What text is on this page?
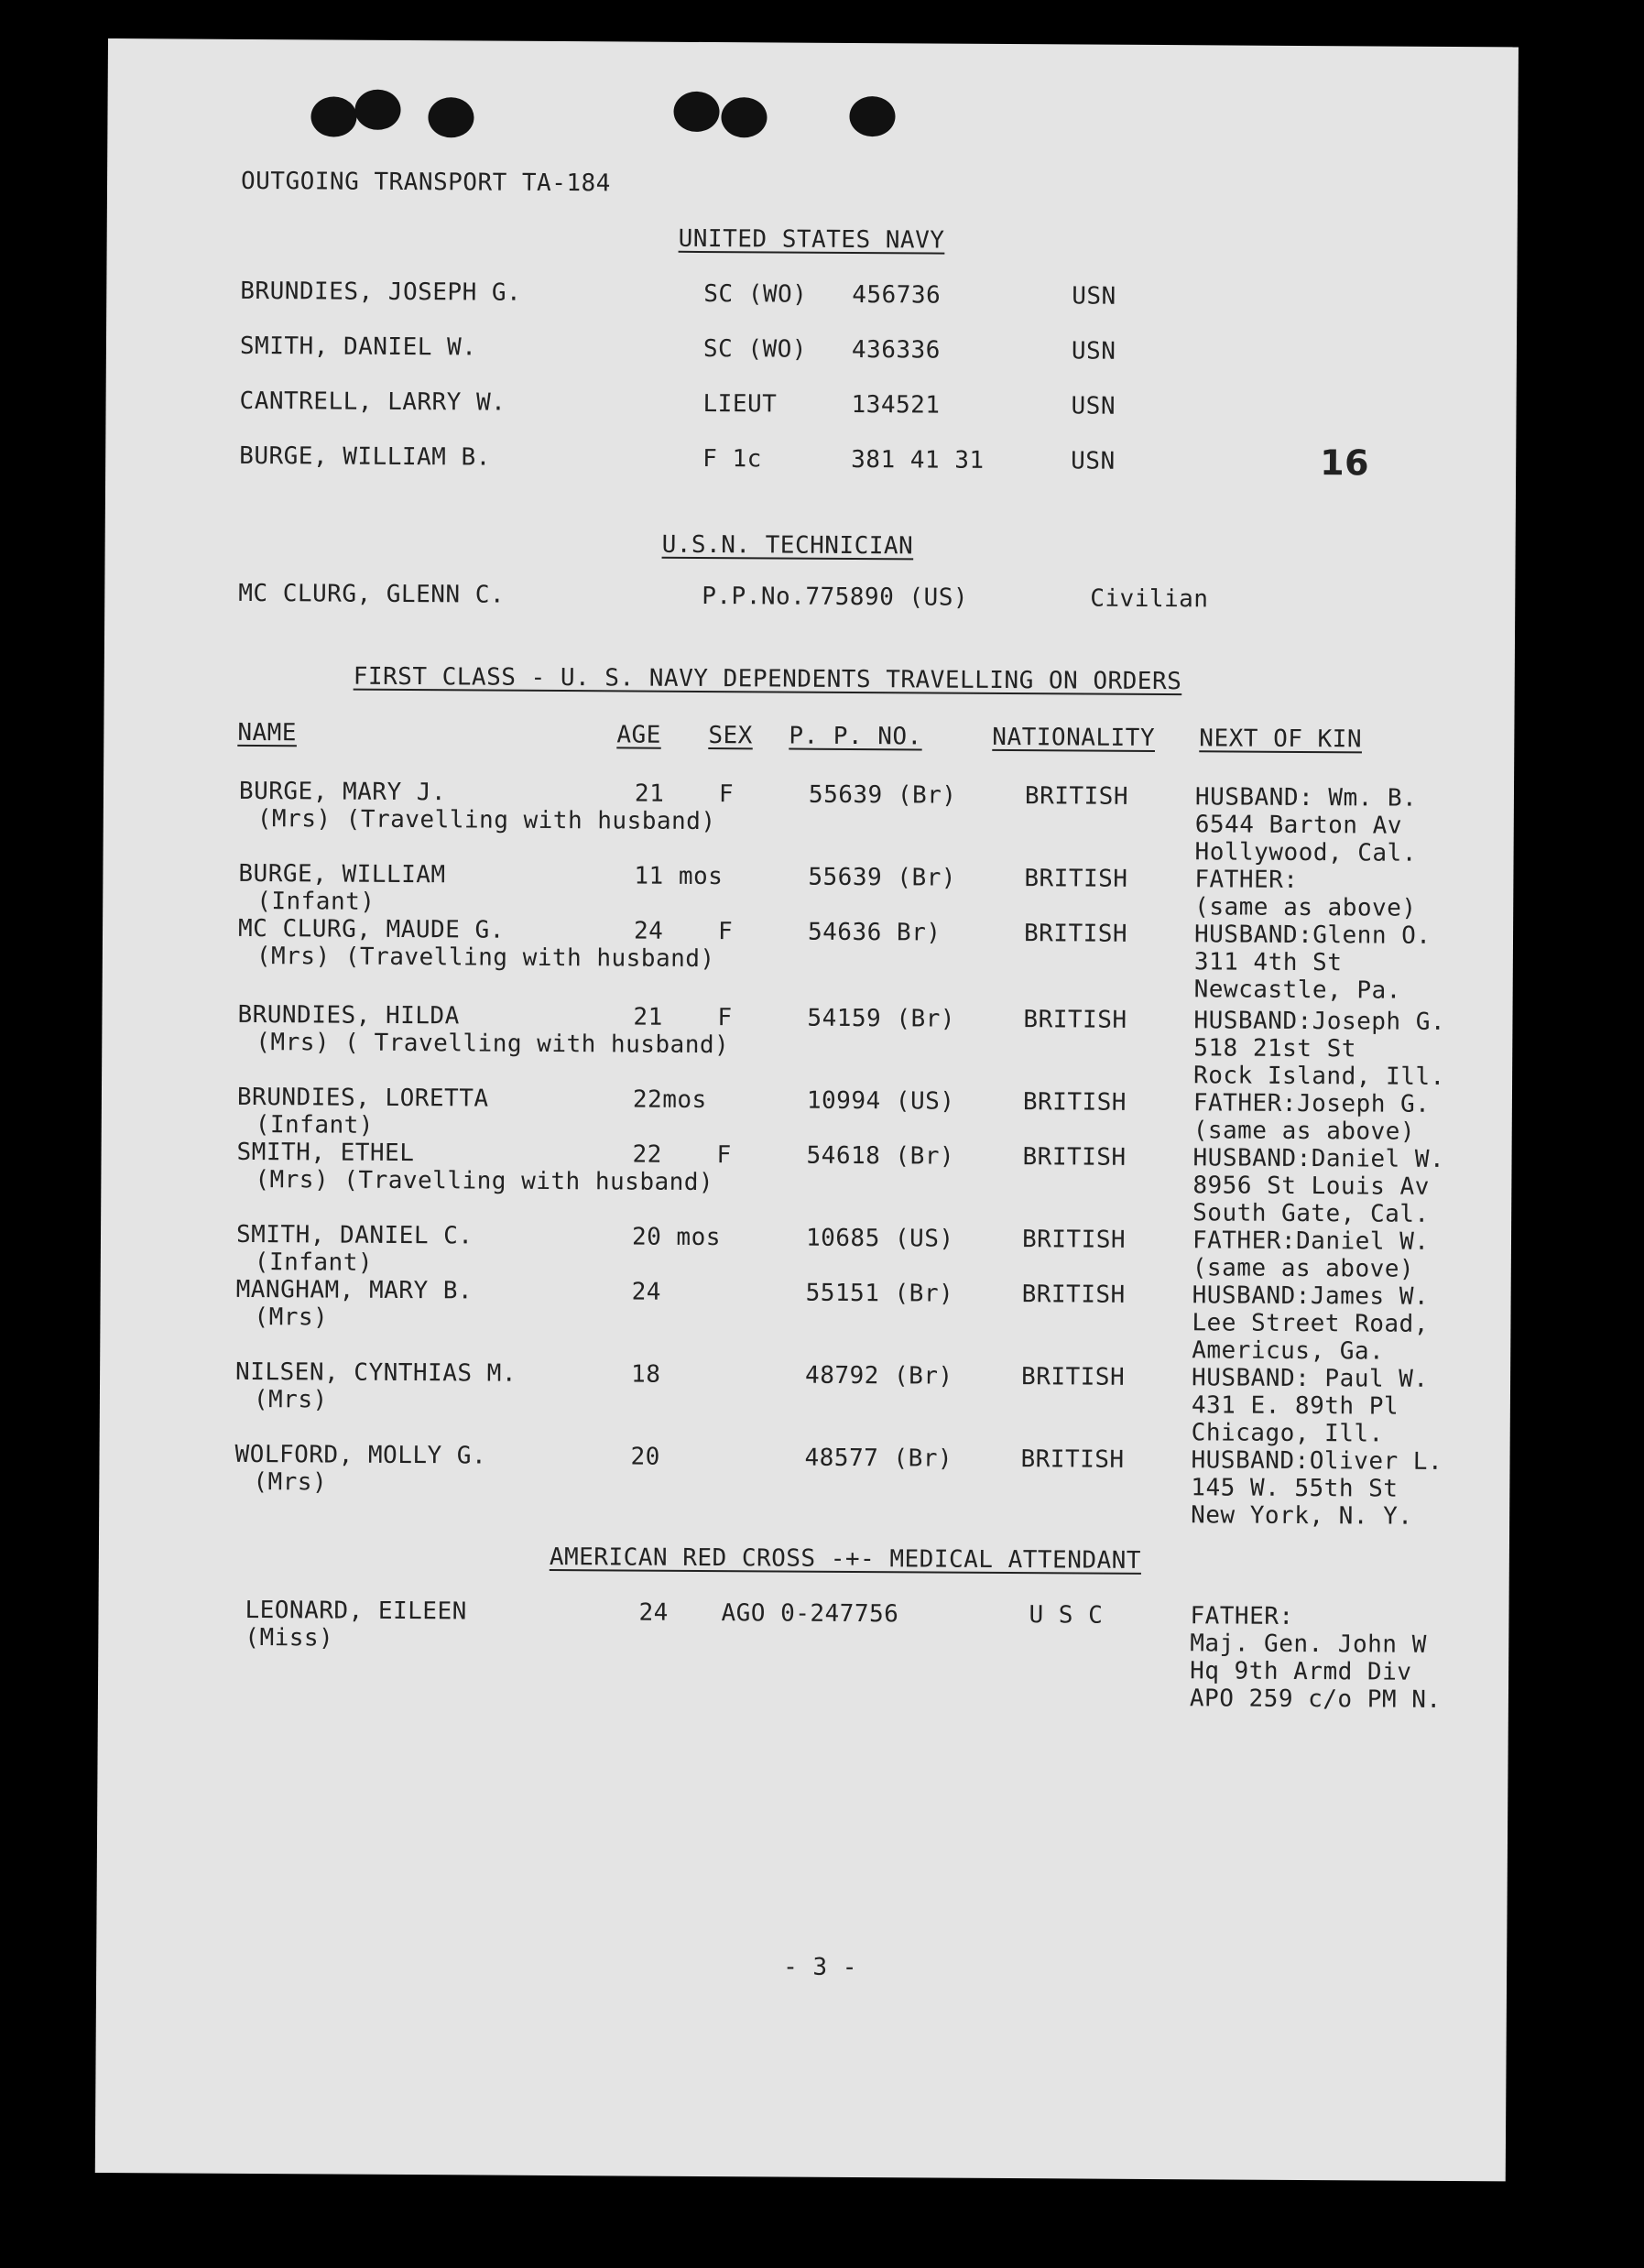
OUTGOING TRANSPORT TA-184
UNITED STATES NAVY
BRUNDIES, JOSEPH G.	SC (WO) 456736	USN
SMITH, DANIEL W.	SC (WO) 436336	USN
CANTRELL, LARRY W.	LIEUT	134521	USN
BURGE, WILLIAM B.	F 1c	381 41 31	USN	16
U.S.N. TECHNICIAN
MC CLURG, GLENN C.	P.P.No.775890 (US)	Civilian
FIRST CLASS - U. S. NAVY DEPENDENTS TRAVELLING ON ORDERS
NAME	AGE SEX P. P. NO.	NATIONALITY NEXT OF KIN
BURGE, MARY J.
(Mrs) (Travelling with husband)
21 F	55639 (Br)	BRITISH	HUSBAND: Wm. B.
6544 Barton Av
Hollywood, Cal.
BURGE, WILLIAM
(Infant)
11 mos	55639 (Br)	BRITISH	FATHER:
(same as above)
MC CLURG, MAUDE G.
(Mrs) (Travelling with husband)
24 F	54636 Br)	BRITISH	HUSBAND:Glenn O.
311 4th St
Newcastle, Pa.
BRUNDIES, HILDA
(Mrs) ( Travelling with husband)
21 F	54159 (Br)	BRITISH	HUSBAND:Joseph G.
518 21st St
Rock Island, Ill.
BRUNDIES, LORETTA
(Infant)
22mos	10994 (US)	BRITISH	FATHER:Joseph G.
(same as above)
SMITH, ETHEL
(Mrs) (Travelling with husband)
22 F	54618 (Br)	BRITISH	HUSBAND:Daniel W.
8956 St Louis Av
South Gate, Cal.
SMITH, DANIEL C.
(Infant)
20 mos	10685 (US)	BRITISH	FATHER:Daniel W.
(same as above)
MANGHAM, MARY B.
(Mrs)
24	55151 (Br)	BRITISH	HUSBAND:James W.
Lee Street Road,
Americus, Ga.
NILSEN, CYNTHIAS M.
(Mrs)
18	48792 (Br)	BRITISH	HUSBAND: Paul W.
431 E. 89th Pl
Chicago, Ill.
WOLFORD, MOLLY G.
(Mrs)
20	48577 (Br)	BRITISH	HUSBAND:Oliver L.
145 W. 55th St
New York, N. Y.
AMERICAN RED CROSS -+- MEDICAL ATTENDANT
LEONARD, EILEEN
(Miss)
24 AGO 0-247756	U S C	FATHER:
Maj. Gen. John W
Hq 9th Armd Div
APO 259 c/o PM N.
- 3 -
